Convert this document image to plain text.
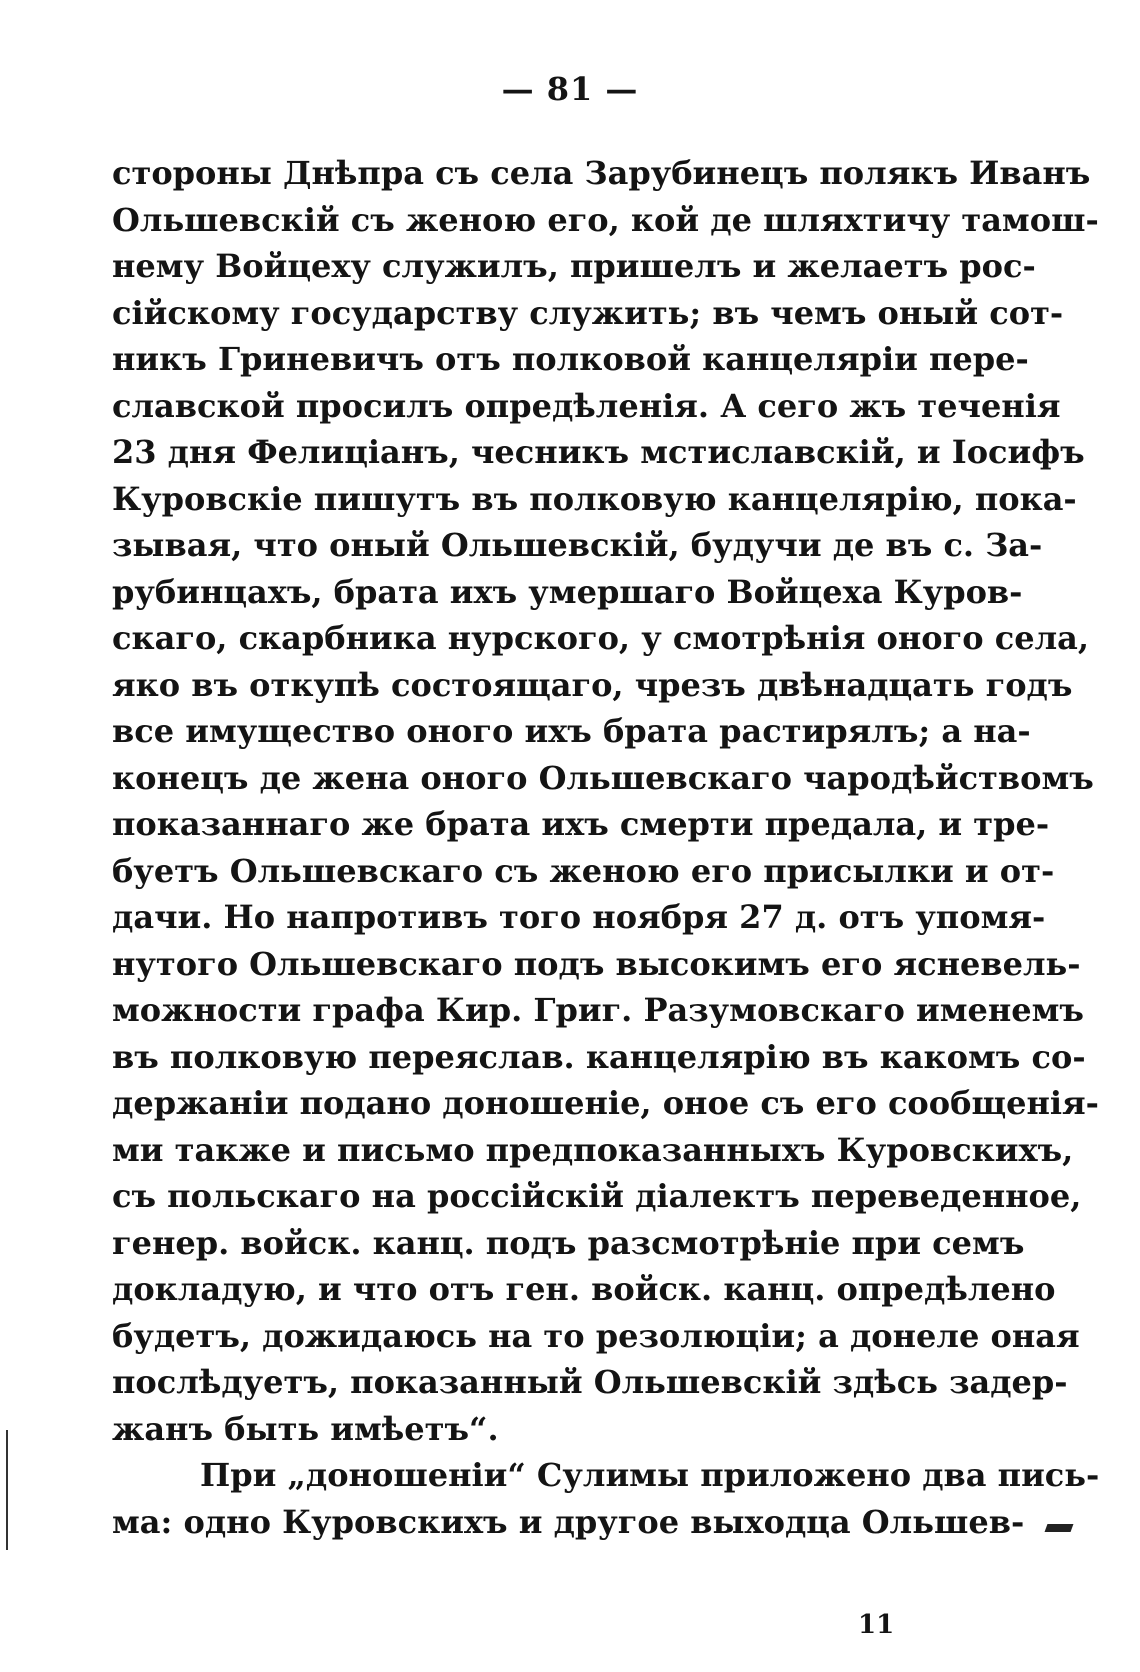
— 81 —
стороны Днѣпра съ села Зарубинецъ полякъ Иванъ
Ольшевскій съ женою его, кой де шляхтичу тамош-
нему Войцеху служилъ, пришелъ и желаетъ рос-
сійскому государству служить; въ чемъ оный сот-
никъ Гриневичъ отъ полковой канцеляріи пере-
славской просилъ опредѣленія. А сего жъ теченія
23 дня Фелиціанъ, чесникъ мстиславскій, и Іосифъ
Куровскіе пишутъ въ полковую канцелярію, пока-
зывая, что оный Ольшевскій, будучи де въ с. За-
рубинцахъ, брата ихъ умершаго Войцеха Куров-
скаго, скарбника нурского, у смотрѣнія оного села,
яко въ откупѣ состоящаго, чрезъ двѣнадцать годъ
все имущество оного ихъ брата растирялъ; а на-
конецъ де жена оного Ольшевскаго чародѣйствомъ
показаннаго же брата ихъ смерти предала, и тре-
буетъ Ольшевскаго съ женою его присылки и от-
дачи. Но напротивъ того ноября 27 д. отъ упомя-
нутого Ольшевскаго подъ высокимъ его ясневель-
можности графа Кир. Григ. Разумовскаго именемъ
въ полковую переяслав. канцелярію въ какомъ со-
держаніи подано доношеніе, оное съ его сообщенія-
ми также и письмо предпоказанныхъ Куровскихъ,
съ польскаго на россійскій діалектъ переведенное,
генер. войск. канц. подъ разсмотрѣніе при семъ
докладую, и что отъ ген. войск. канц. опредѣлено
будетъ, дожидаюсь на то резолюціи; а донеле оная
послѣдуетъ, показанный Ольшевскій здѣсь задер-
жанъ быть имѣетъ“.
При „доношеніи“ Сулимы приложено два пись-
ма: одно Куровскихъ и другое выходца Ольшев-
11
